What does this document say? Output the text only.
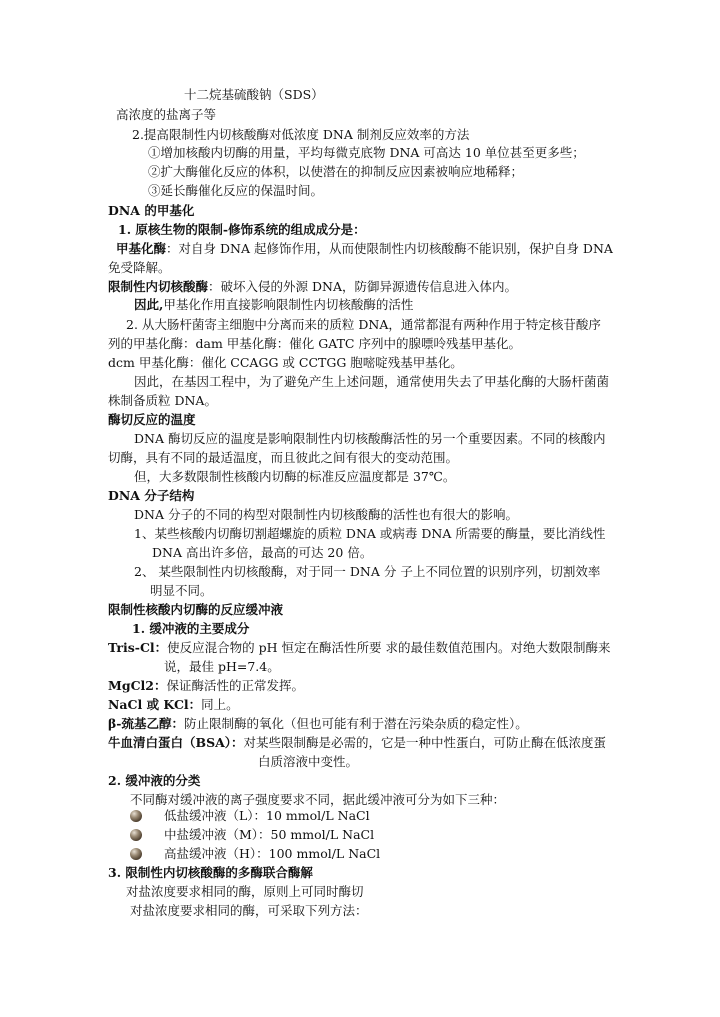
十二烷基硫酸钠（SDS）
高浓度的盐离子等
2.提高限制性内切核酸酶对低浓度 DNA 制剂反应效率的方法
①增加核酸内切酶的用量，平均每微克底物 DNA 可高达 10 单位甚至更多些；
②扩大酶催化反应的体积，以使潜在的抑制反应因素被响应地稀释；
③延长酶催化反应的保温时间。
DNA 的甲基化
1. 原核生物的限制-修饰系统的组成成分是：
甲基化酶：对自身 DNA 起修饰作用，从而使限制性内切核酸酶不能识别，保护自身 DNA
免受降解。
限制性内切核酸酶：破坏入侵的外源 DNA，防御异源遗传信息进入体内。
因此,甲基化作用直接影响限制性内切核酸酶的活性
2. 从大肠杆菌寄主细胞中分离而来的质粒 DNA，通常都混有两种作用于特定核苷酸序
列的甲基化酶：dam 甲基化酶：催化 GATC 序列中的腺嘌呤残基甲基化。
dcm 甲基化酶：催化 CCAGG 或 CCTGG 胞嘧啶残基甲基化。
因此，在基因工程中，为了避免产生上述问题，通常使用失去了甲基化酶的大肠杆菌菌
株制备质粒 DNA。
酶切反应的温度
DNA 酶切反应的温度是影响限制性内切核酸酶活性的另一个重要因素。不同的核酸内
切酶，具有不同的最适温度，而且彼此之间有很大的变动范围。
但，大多数限制性核酸内切酶的标准反应温度都是 37℃。
DNA 分子结构
DNA 分子的不同的构型对限制性内切核酸酶的活性也有很大的影响。
1、某些核酸内切酶切割超螺旋的质粒 DNA 或病毒 DNA 所需要的酶量，要比消线性
DNA 高出许多倍，最高的可达 20 倍。
2、 某些限制性内切核酸酶，对于同一 DNA 分 子上不同位置的识别序列，切割效率
明显不同。
限制性核酸内切酶的反应缓冲液
1. 缓冲液的主要成分
Tris-Cl：使反应混合物的 pH 恒定在酶活性所要 求的最佳数值范围内。对绝大数限制酶来
说，最佳 pH=7.4。
MgCl2：保证酶活性的正常发挥。
NaCl 或 KCl：同上。
β-巯基乙醇：防止限制酶的氧化（但也可能有利于潜在污染杂质的稳定性）。
牛血清白蛋白（BSA）：对某些限制酶是必需的，它是一种中性蛋白，可防止酶在低浓度蛋
白质溶液中变性。
2. 缓冲液的分类
不同酶对缓冲液的离子强度要求不同，据此缓冲液可分为如下三种：
低盐缓冲液（L）：10 mmol/L NaCl
中盐缓冲液（M）：50 mmol/L NaCl
高盐缓冲液（H）：100 mmol/L NaCl
3. 限制性内切核酸酶的多酶联合酶解
对盐浓度要求相同的酶，原则上可同时酶切
对盐浓度要求相同的酶，可采取下列方法：
